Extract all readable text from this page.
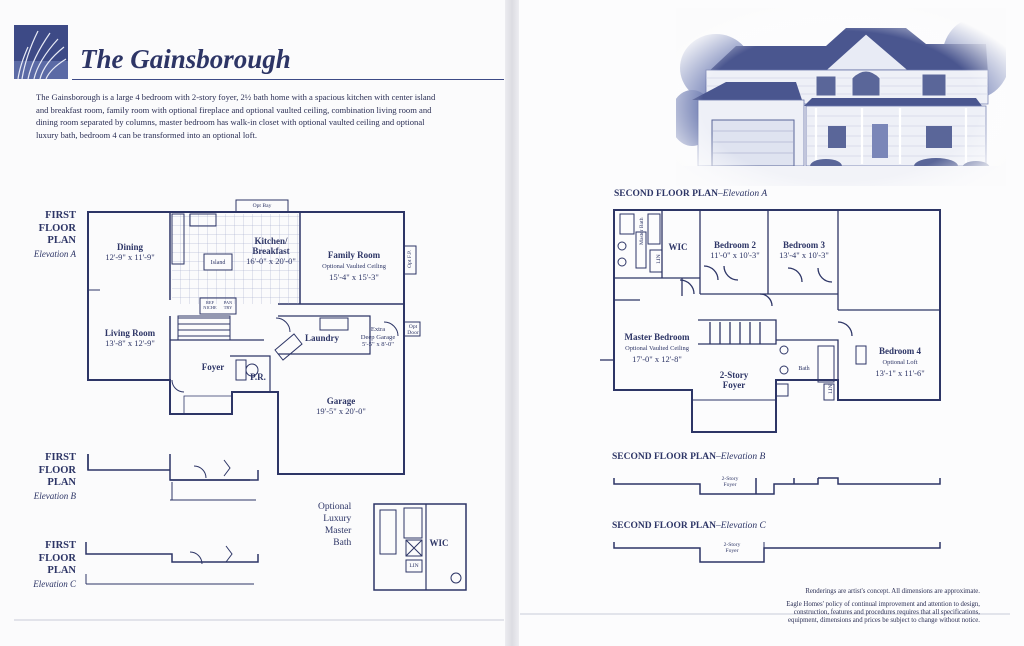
The Gainsborough
The Gainsborough is a large 4 bedroom with 2-story foyer, 2½ bath home with a spacious kitchen with center island and breakfast room, family room with optional fireplace and optional vaulted ceiling, combination living room and dining room separated by columns, master bedroom has walk-in closet with optional vaulted ceiling and optional luxury bath, bedroom 4 can be transformed into an optional loft.
FIRST
FLOOR
PLAN
Elevation A
FIRST
FLOOR
PLAN
Elevation B
FIRST
FLOOR
PLAN
Elevation C
Dining
12'-9" x 11'-9"
Kitchen/
Breakfast
16'-0" x 20'-0"
Island
Family Room
Optional Vaulted Ceiling
15'-4" x 15'-3"
Living Room
13'-8" x 12'-9"	Laundry
Foyer
P.R.
Extra
Deep Garage
5'-5" x 8'-0"
Garage
19'-5" x 20'-0"
Opt Bay
Opt F.P.
Opt Door
REF NICHE
PAN TRY
Optional
Luxury
Master
Bath	WIC
LIN
SECOND FLOOR PLAN–Elevation A
SECOND FLOOR PLAN–Elevation B
SECOND FLOOR PLAN–Elevation C
Master Bath
LIN
WIC	Bedroom 2
11'-0" x 10'-3"
Bedroom 3
13'-4" x 10'-3"
Master Bedroom
Optional Vaulted Ceiling
17'-0" x 12'-8"
2-Story
Foyer
Bath
LIN
Bedroom 4
Optional Loft
13'-1" x 11'-6"
2-Story
Foyer
2-Story
Foyer
Renderings are artist's concept. All dimensions are approximate.
Eagle Homes' policy of continual improvement and attention to design,
construction, features and procedures requires that all specifications,
equipment, dimensions and prices be subject to change without notice.
